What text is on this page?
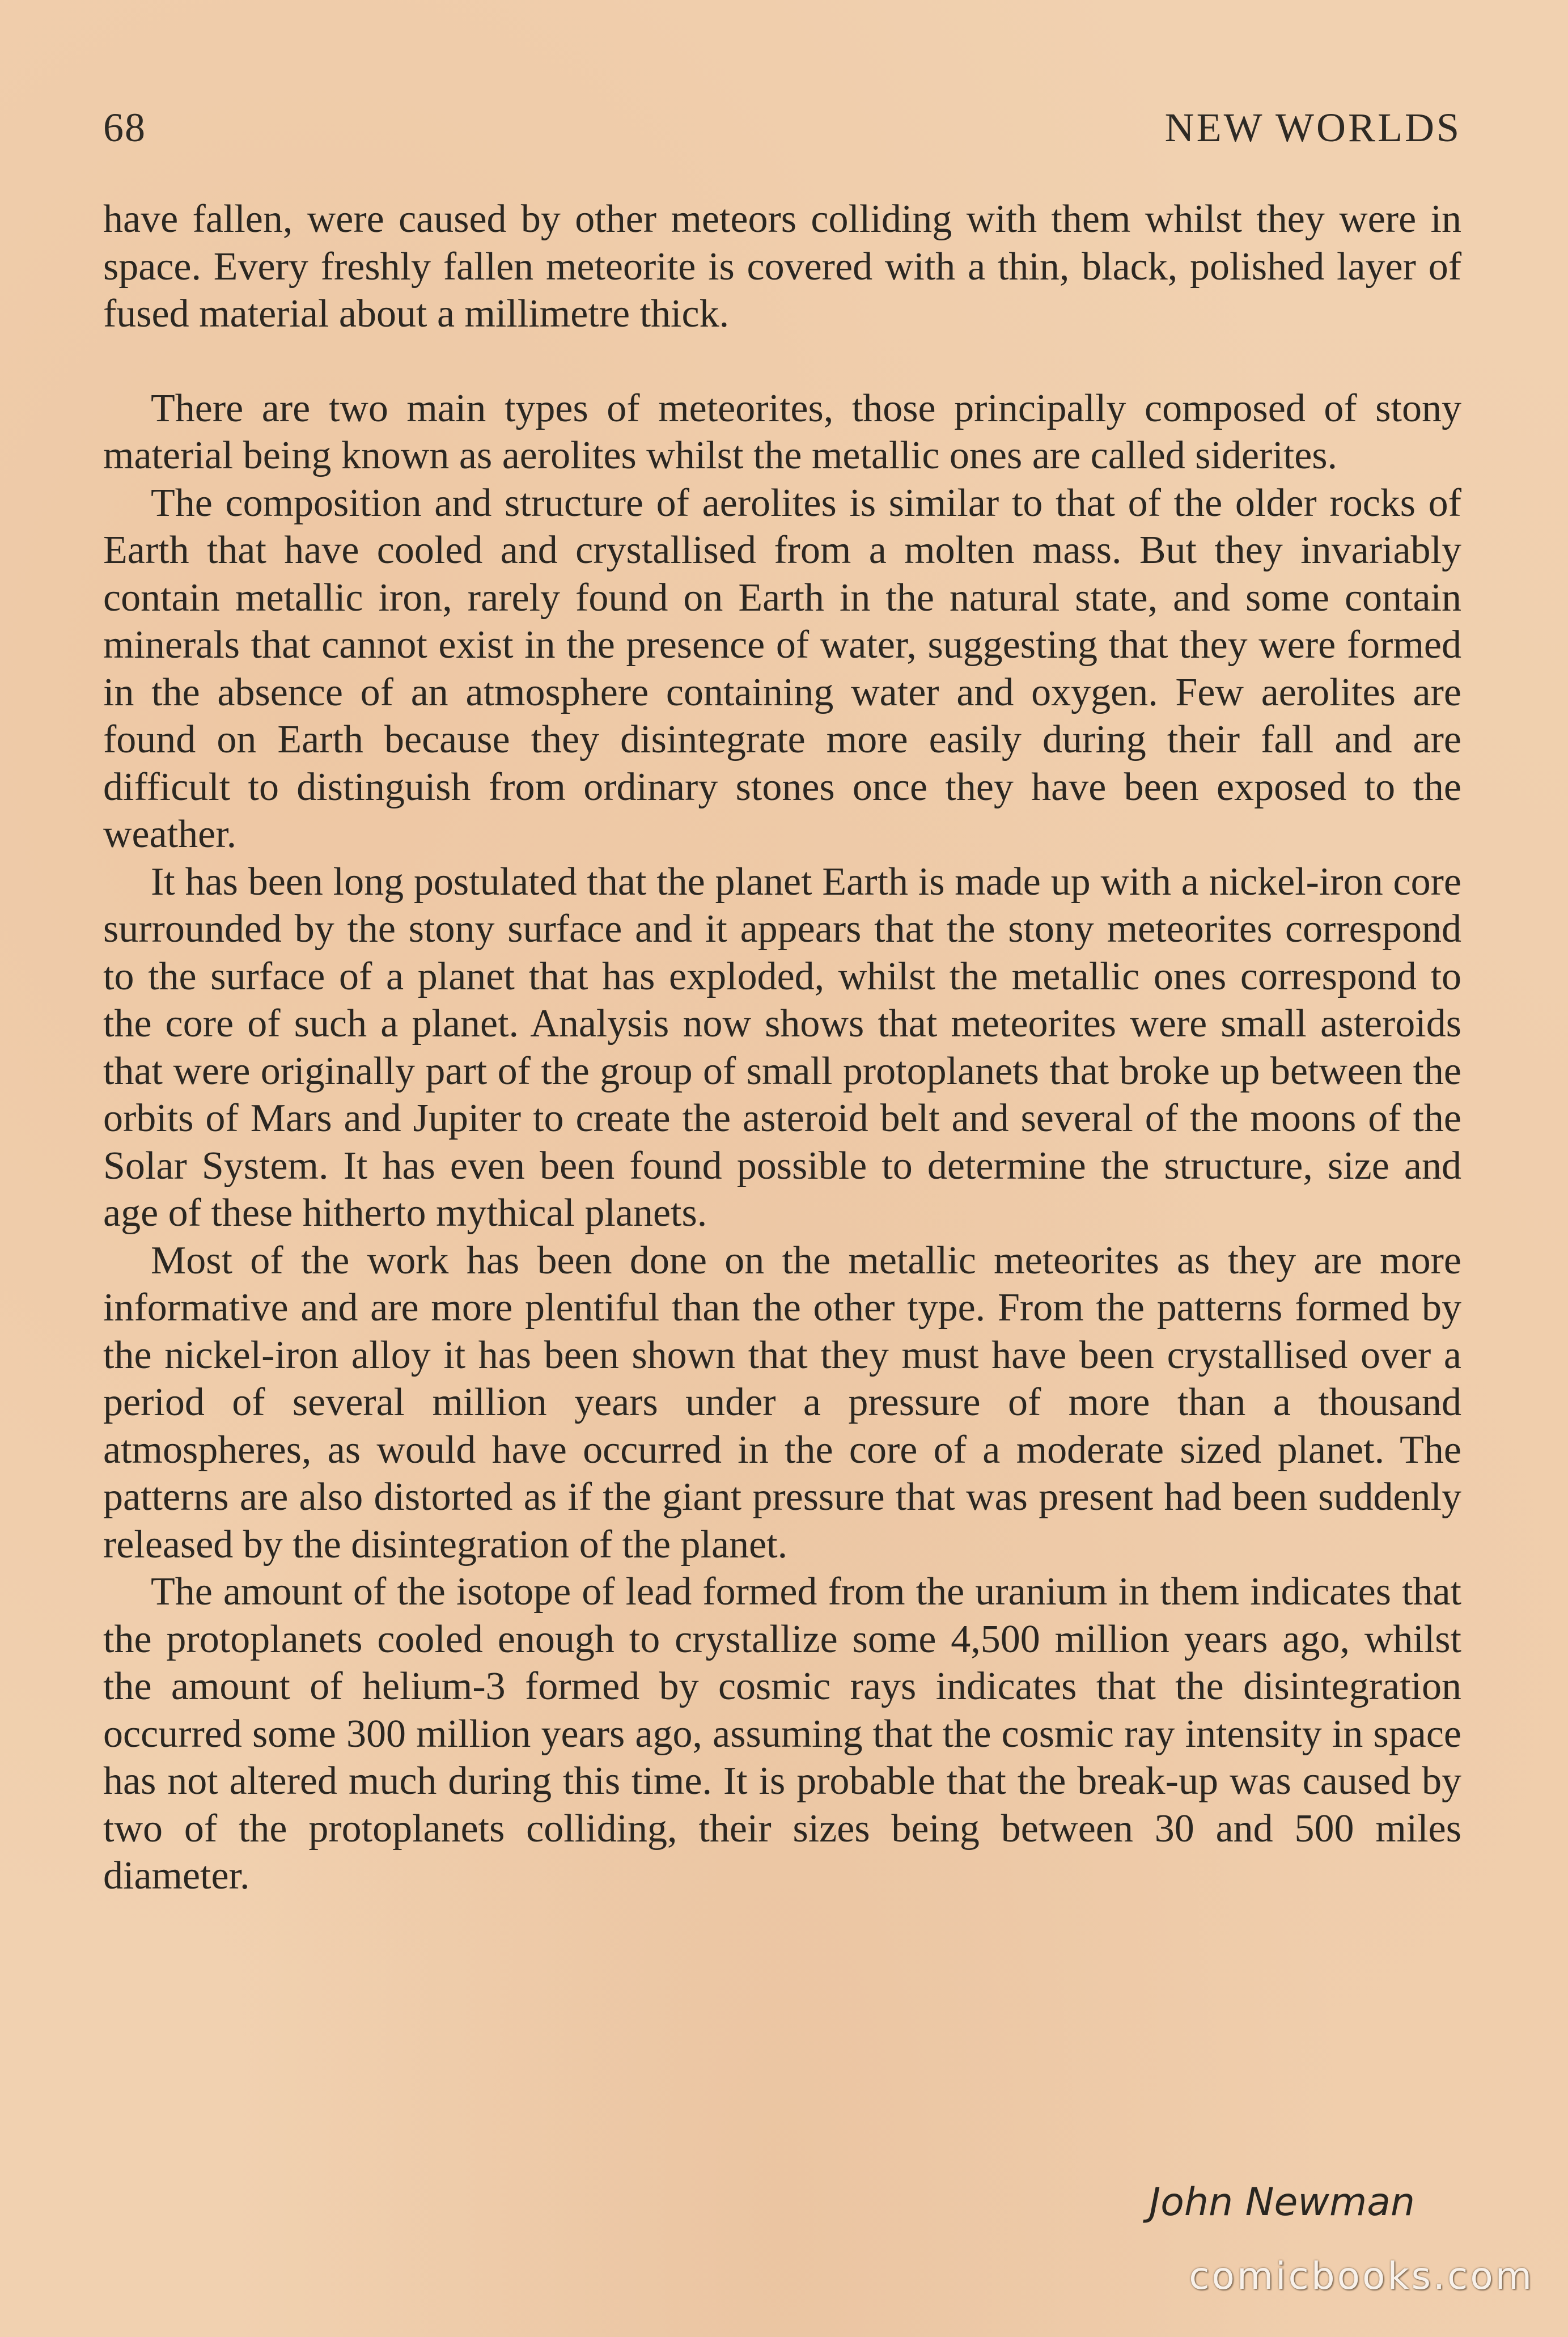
68	NEW WORLDS

have fallen, were caused by other meteors colliding with them whilst they were in space. Every freshly fallen meteorite is covered with a thin, black, polished layer of fused material about a millimetre thick.

There are two main types of meteorites, those principally composed of stony material being known as aerolites whilst the metallic ones are called siderites.

The composition and structure of aerolites is similar to that of the older rocks of Earth that have cooled and crystallised from a molten mass. But they invariably contain metallic iron, rarely found on Earth in the natural state, and some contain minerals that cannot exist in the presence of water, suggesting that they were formed in the absence of an atmosphere containing water and oxygen. Few aerolites are found on Earth because they disintegrate more easily during their fall and are difficult to distinguish from ordinary stones once they have been exposed to the weather.

It has been long postulated that the planet Earth is made up with a nickel-iron core surrounded by the stony surface and it appears that the stony meteorites correspond to the surface of a planet that has exploded, whilst the metallic ones correspond to the core of such a planet. Analysis now shows that meteorites were small asteroids that were originally part of the group of small protoplanets that broke up between the orbits of Mars and Jupiter to create the asteroid belt and several of the moons of the Solar System. It has even been found possible to determine the structure, size and age of these hitherto mythical planets.

Most of the work has been done on the metallic meteorites as they are more informative and are more plentiful than the other type. From the patterns formed by the nickel-iron alloy it has been shown that they must have been crystallised over a period of several million years under a pressure of more than a thousand atmospheres, as would have occurred in the core of a moderate sized planet. The patterns are also distorted as if the giant pressure that was present had been suddenly released by the disintegration of the planet.

The amount of the isotope of lead formed from the uranium in them indicates that the protoplanets cooled enough to crystallize some 4,500 million years ago, whilst the amount of helium-3 formed by cosmic rays indicates that the disintegration occurred some 300 million years ago, assuming that the cosmic ray intensity in space has not altered much during this time. It is probable that the break-up was caused by two of the protoplanets colliding, their sizes being between 30 and 500 miles diameter.

John Newman
comicbooks.com
